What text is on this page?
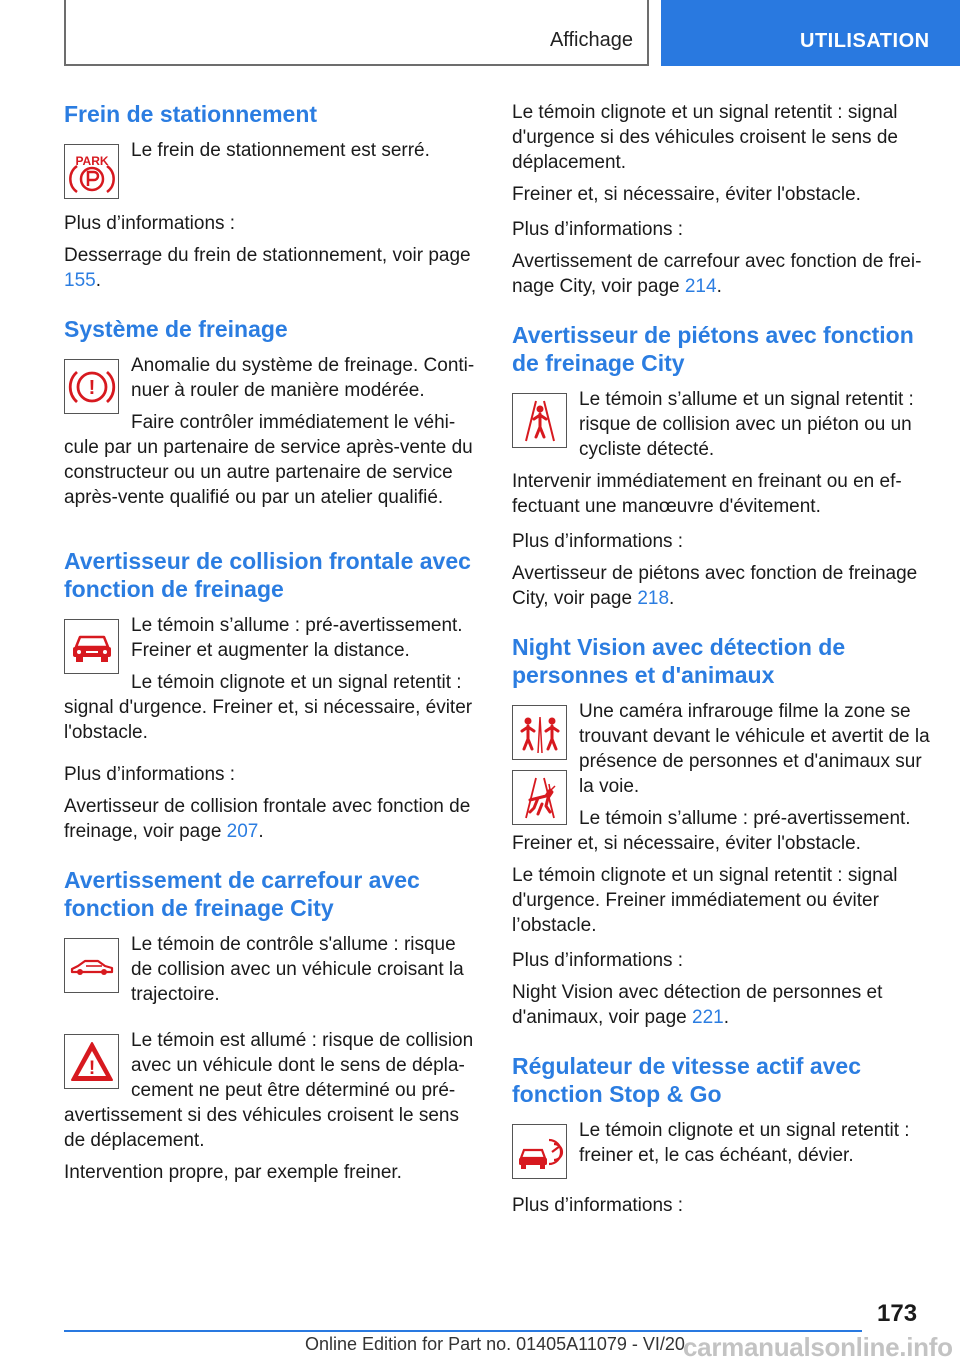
Affichage	UTILISATION
Frein de stationnement
PARK	Le frein de stationnement est serré.

Plus d’informations :

Desserrage du frein de stationnement, voir page 155.

Système de freinage
!

Anomalie du système de freinage. Continuer à rouler de manière modérée.

Faire contrôler immédiatement le véhicule par un partenaire de service après-vente du constructeur ou un autre partenaire de service après-vente qualifié ou par un atelier qualifié.

Avertisseur de collision frontale avec fonction de freinage

Le témoin s’allume : pré-avertissement. Freiner et augmenter la distance.

Le témoin clignote et un signal retentit : signal d'urgence. Freiner et, si nécessaire, éviter l'obstacle.

Plus d’informations :

Avertisseur de collision frontale avec fonction de freinage, voir page 207.

Avertissement de carrefour avec fonction de freinage City

Le témoin de contrôle s'allume : risque de collision avec un véhicule croisant la trajectoire.

!

Le témoin est allumé : risque de collision avec un véhicule dont le sens de déplacement ne peut être déterminé ou pré-avertissement si des véhicules croisent le sens de déplacement.

Intervention propre, par exemple freiner.

Le témoin clignote et un signal retentit : signal d'urgence si des véhicules croisent le sens de déplacement.

Freiner et, si nécessaire, éviter l'obstacle.

Plus d’informations :

Avertissement de carrefour avec fonction de freinage City, voir page 214.

Avertisseur de piétons avec fonction de freinage City

Le témoin s’allume et un signal retentit : risque de collision avec un piéton ou un cycliste détecté.

Intervenir immédiatement en freinant ou en effectuant une manœuvre d'évitement.

Plus d’informations :

Avertisseur de piétons avec fonction de freinage City, voir page 218.

Night Vision avec détection de personnes et d'animaux

Une caméra infrarouge filme la zone se trouvant devant le véhicule et avertit de la présence de personnes et d'animaux sur la voie.

Le témoin s’allume : pré-avertissement. Freiner et, si nécessaire, éviter l'obstacle.

Le témoin clignote et un signal retentit : signal d'urgence. Freiner immédiatement ou éviter l’obstacle.

Plus d’informations :

Night Vision avec détection de personnes et d'animaux, voir page 221.

Régulateur de vitesse actif avec fonction Stop & Go

Le témoin clignote et un signal retentit : freiner et, le cas échéant, dévier.

Plus d’informations :

173
Online Edition for Part no. 01405A11079 - VI/20
carmanualsonline.info
